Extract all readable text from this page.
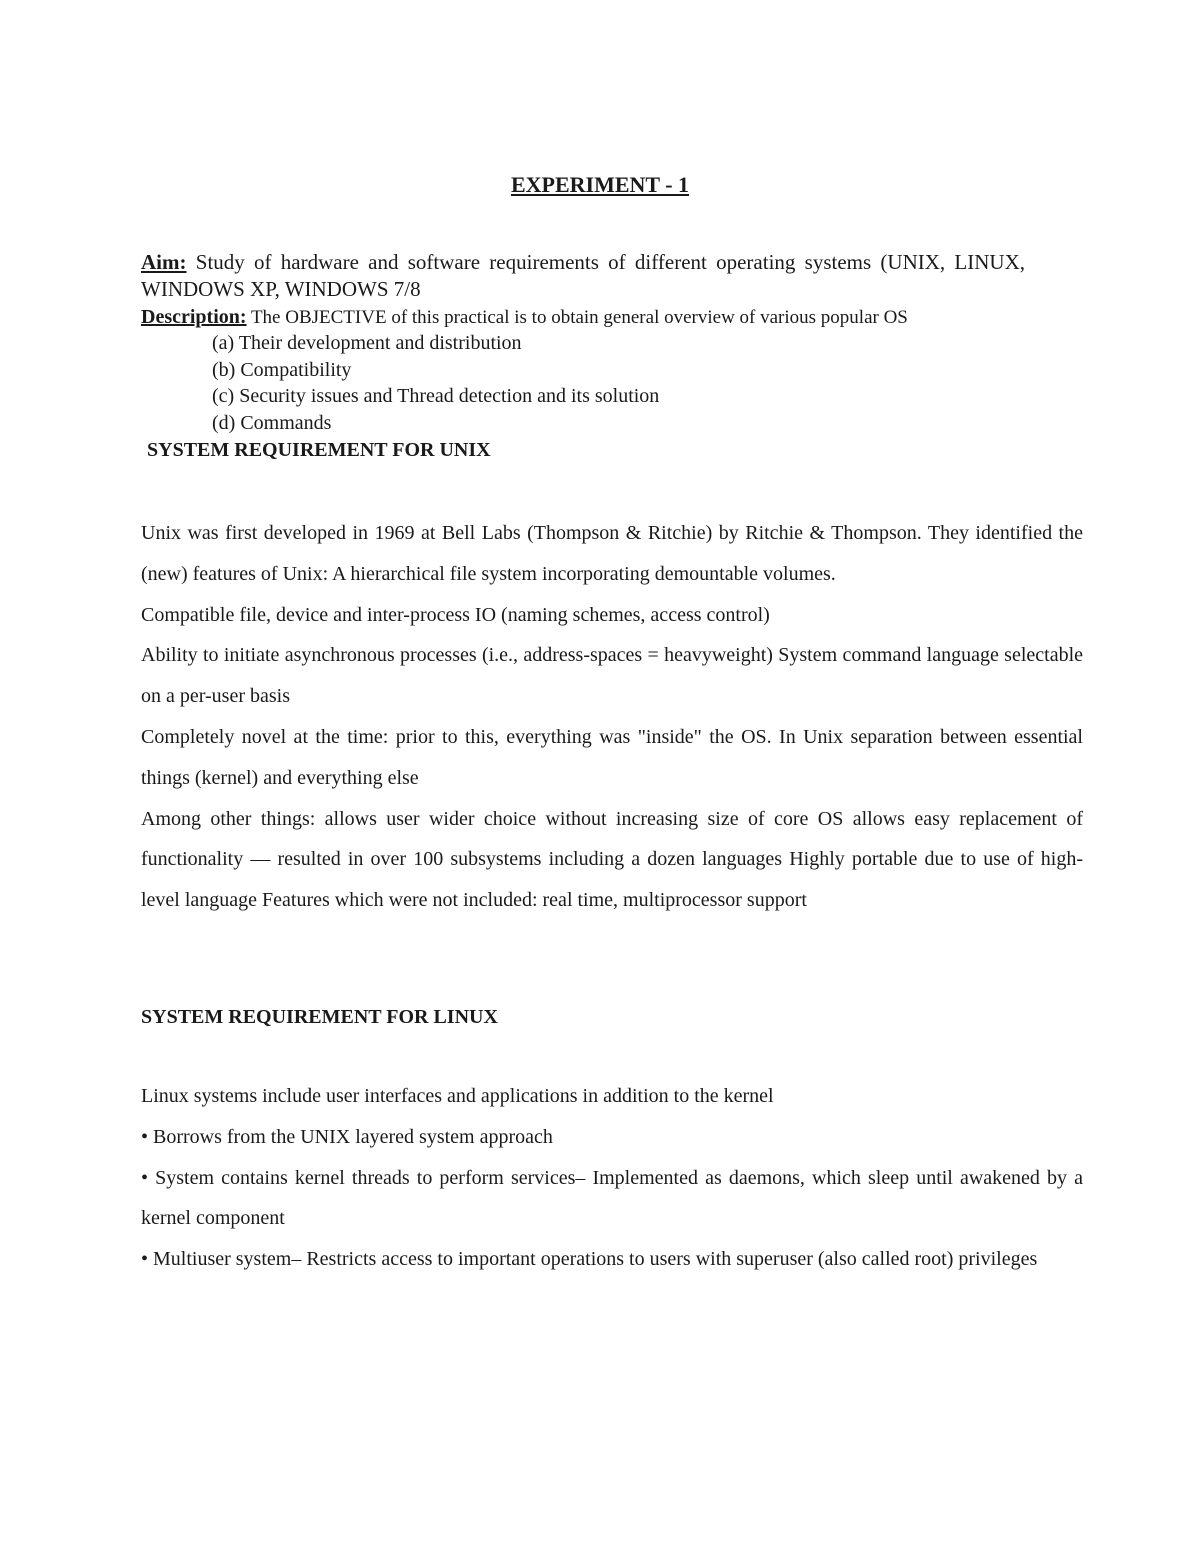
EXPERIMENT - 1

Aim: Study of hardware and software requirements of different operating systems (UNIX, LINUX, WINDOWS XP, WINDOWS 7/8

Description: The OBJECTIVE of this practical is to obtain general overview of various popular OS

(a) Their development and distribution
(b) Compatibility
(c) Security issues and Thread detection and its solution
(d) Commands
SYSTEM REQUIREMENT FOR UNIX

Unix was first developed in 1969 at Bell Labs (Thompson & Ritchie) by Ritchie & Thompson. They identified the (new) features of Unix: A hierarchical file system incorporating demountable volumes.

Compatible file, device and inter-process IO (naming schemes, access control)

Ability to initiate asynchronous processes (i.e., address-spaces = heavyweight) System command language selectable on a per-user basis

Completely novel at the time: prior to this, everything was "inside" the OS. In Unix separation between essential things (kernel) and everything else

Among other things: allows user wider choice without increasing size of core OS allows easy replacement of functionality — resulted in over 100 subsystems including a dozen languages Highly portable due to use of high-level language Features which were not included: real time, multiprocessor support

SYSTEM REQUIREMENT FOR LINUX

Linux systems include user interfaces and applications in addition to the kernel

• Borrows from the UNIX layered system approach

• System contains kernel threads to perform services– Implemented as daemons, which sleep until awakened by a kernel component

• Multiuser system– Restricts access to important operations to users with superuser (also called root) privileges
